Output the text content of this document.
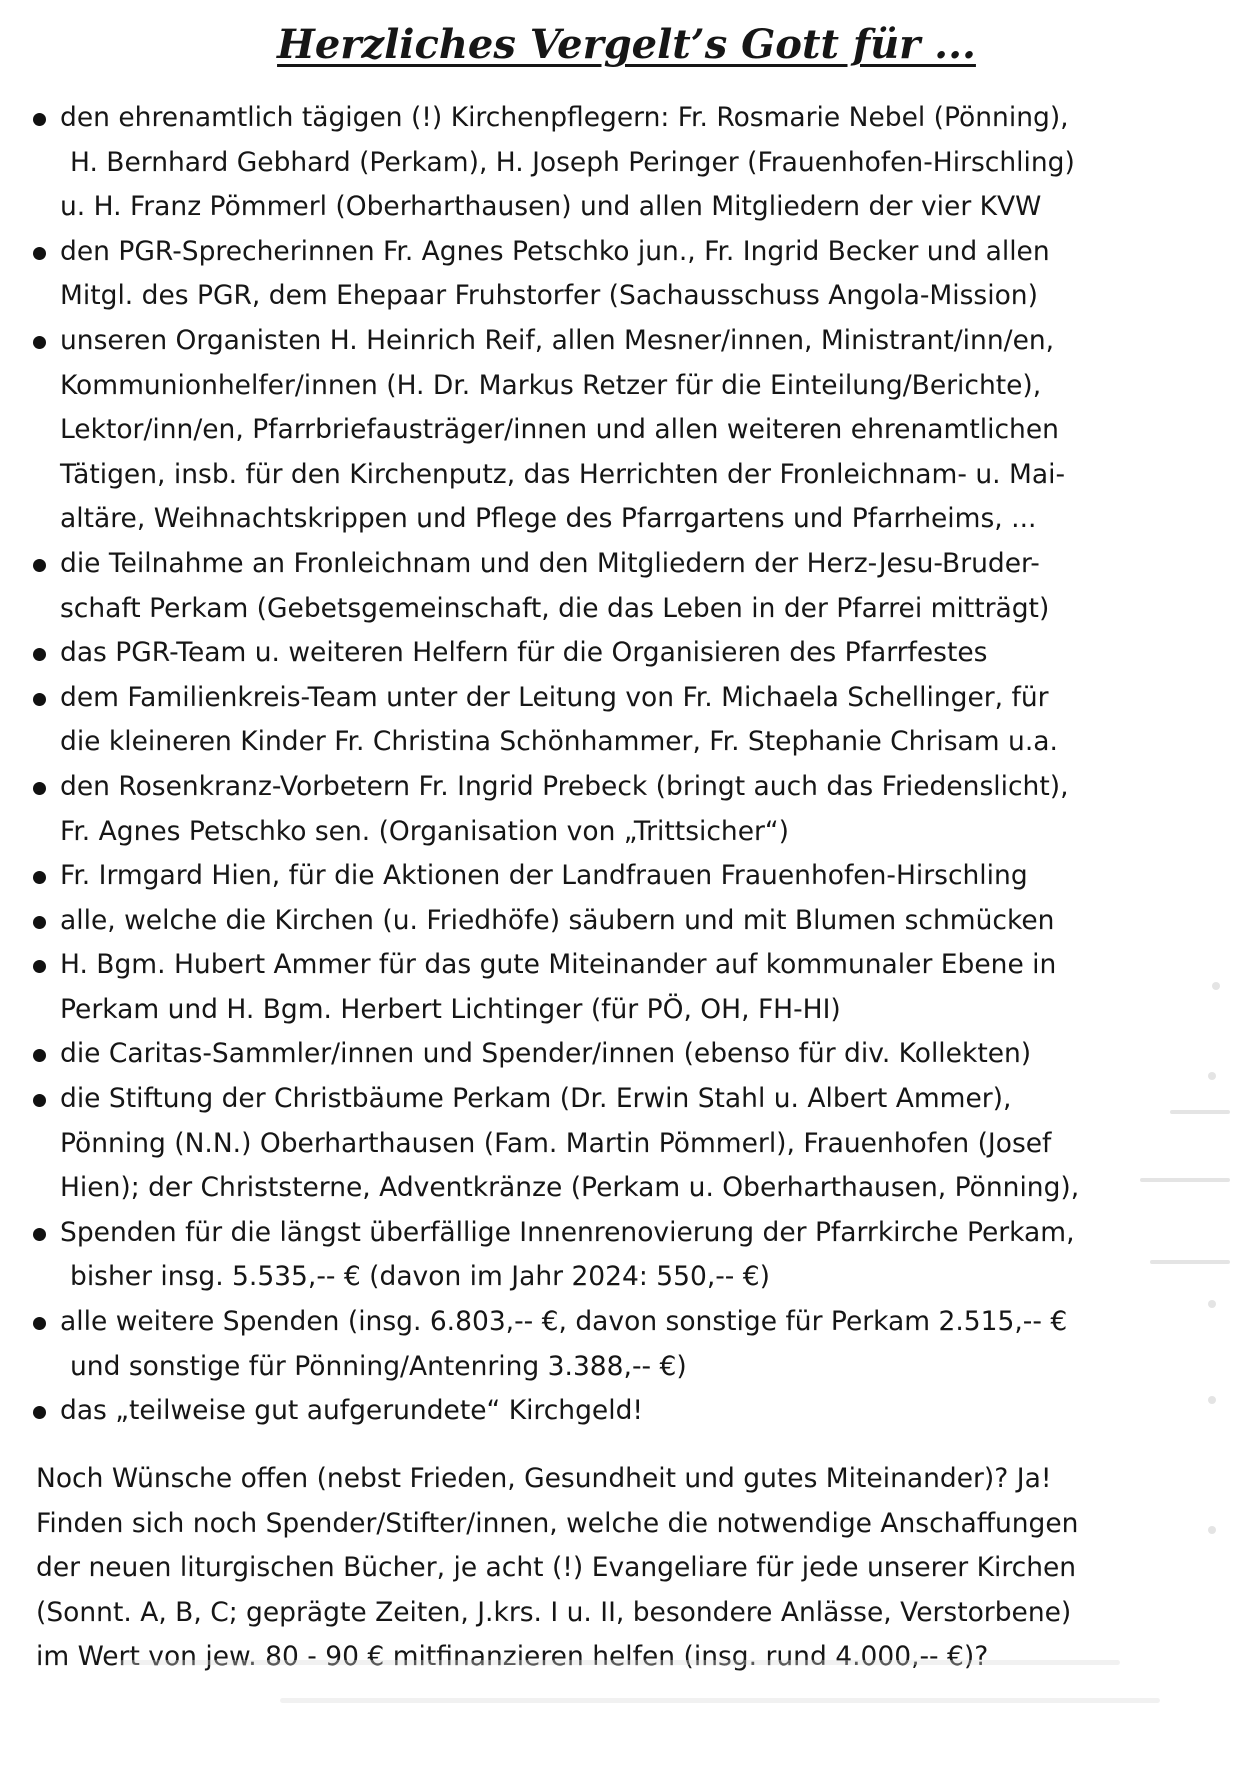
Herzliches Vergelt’s Gott für ...
den ehrenamtlich tägigen (!) Kirchenpflegern: Fr. Rosmarie Nebel (Pönning),
H. Bernhard Gebhard (Perkam), H. Joseph Peringer (Frauenhofen-Hirschling)
u. H. Franz Pömmerl (Oberharthausen) und allen Mitgliedern der vier KVW
den PGR-Sprecherinnen Fr. Agnes Petschko jun., Fr. Ingrid Becker und allen
Mitgl. des PGR, dem Ehepaar Fruhstorfer (Sachausschuss Angola-Mission)
unseren Organisten H. Heinrich Reif, allen Mesner/innen, Ministrant/inn/en,
Kommunionhelfer/innen (H. Dr. Markus Retzer für die Einteilung/Berichte),
Lektor/inn/en, Pfarrbriefausträger/innen und allen weiteren ehrenamtlichen
Tätigen, insb. für den Kirchenputz, das Herrichten der Fronleichnam- u. Mai-
altäre, Weihnachtskrippen und Pflege des Pfarrgartens und Pfarrheims, ...
die Teilnahme an Fronleichnam und den Mitgliedern der Herz-Jesu-Bruder-
schaft Perkam (Gebetsgemeinschaft, die das Leben in der Pfarrei mitträgt)
das PGR-Team u. weiteren Helfern für die Organisieren des Pfarrfestes
dem Familienkreis-Team unter der Leitung von Fr. Michaela Schellinger, für
die kleineren Kinder Fr. Christina Schönhammer, Fr. Stephanie Chrisam u.a.
den Rosenkranz-Vorbetern Fr. Ingrid Prebeck (bringt auch das Friedenslicht),
Fr. Agnes Petschko sen. (Organisation von „Trittsicher“)
Fr. Irmgard Hien, für die Aktionen der Landfrauen Frauenhofen-Hirschling
alle, welche die Kirchen (u. Friedhöfe) säubern und mit Blumen schmücken
H. Bgm. Hubert Ammer für das gute Miteinander auf kommunaler Ebene in
Perkam und H. Bgm. Herbert Lichtinger (für PÖ, OH, FH-HI)
die Caritas-Sammler/innen und Spender/innen (ebenso für div. Kollekten)
die Stiftung der Christbäume Perkam (Dr. Erwin Stahl u. Albert Ammer),
Pönning (N.N.) Oberharthausen (Fam. Martin Pömmerl), Frauenhofen (Josef
Hien); der Christsterne, Adventkränze (Perkam u. Oberharthausen, Pönning),
Spenden für die längst überfällige Innenrenovierung der Pfarrkirche Perkam,
bisher insg. 5.535,-- € (davon im Jahr 2024: 550,-- €)
alle weitere Spenden (insg. 6.803,-- €, davon sonstige für Perkam 2.515,-- €
und sonstige für Pönning/Antenring 3.388,-- €)
das „teilweise gut aufgerundete“ Kirchgeld!
Noch Wünsche offen (nebst Frieden, Gesundheit und gutes Miteinander)? Ja!
Finden sich noch Spender/Stifter/innen, welche die notwendige Anschaffungen
der neuen liturgischen Bücher, je acht (!) Evangeliare für jede unserer Kirchen
(Sonnt. A, B, C; geprägte Zeiten, J.krs. I u. II, besondere Anlässe, Verstorbene)
im Wert von jew. 80 - 90 € mitfinanzieren helfen (insg. rund 4.000,-- €)?
